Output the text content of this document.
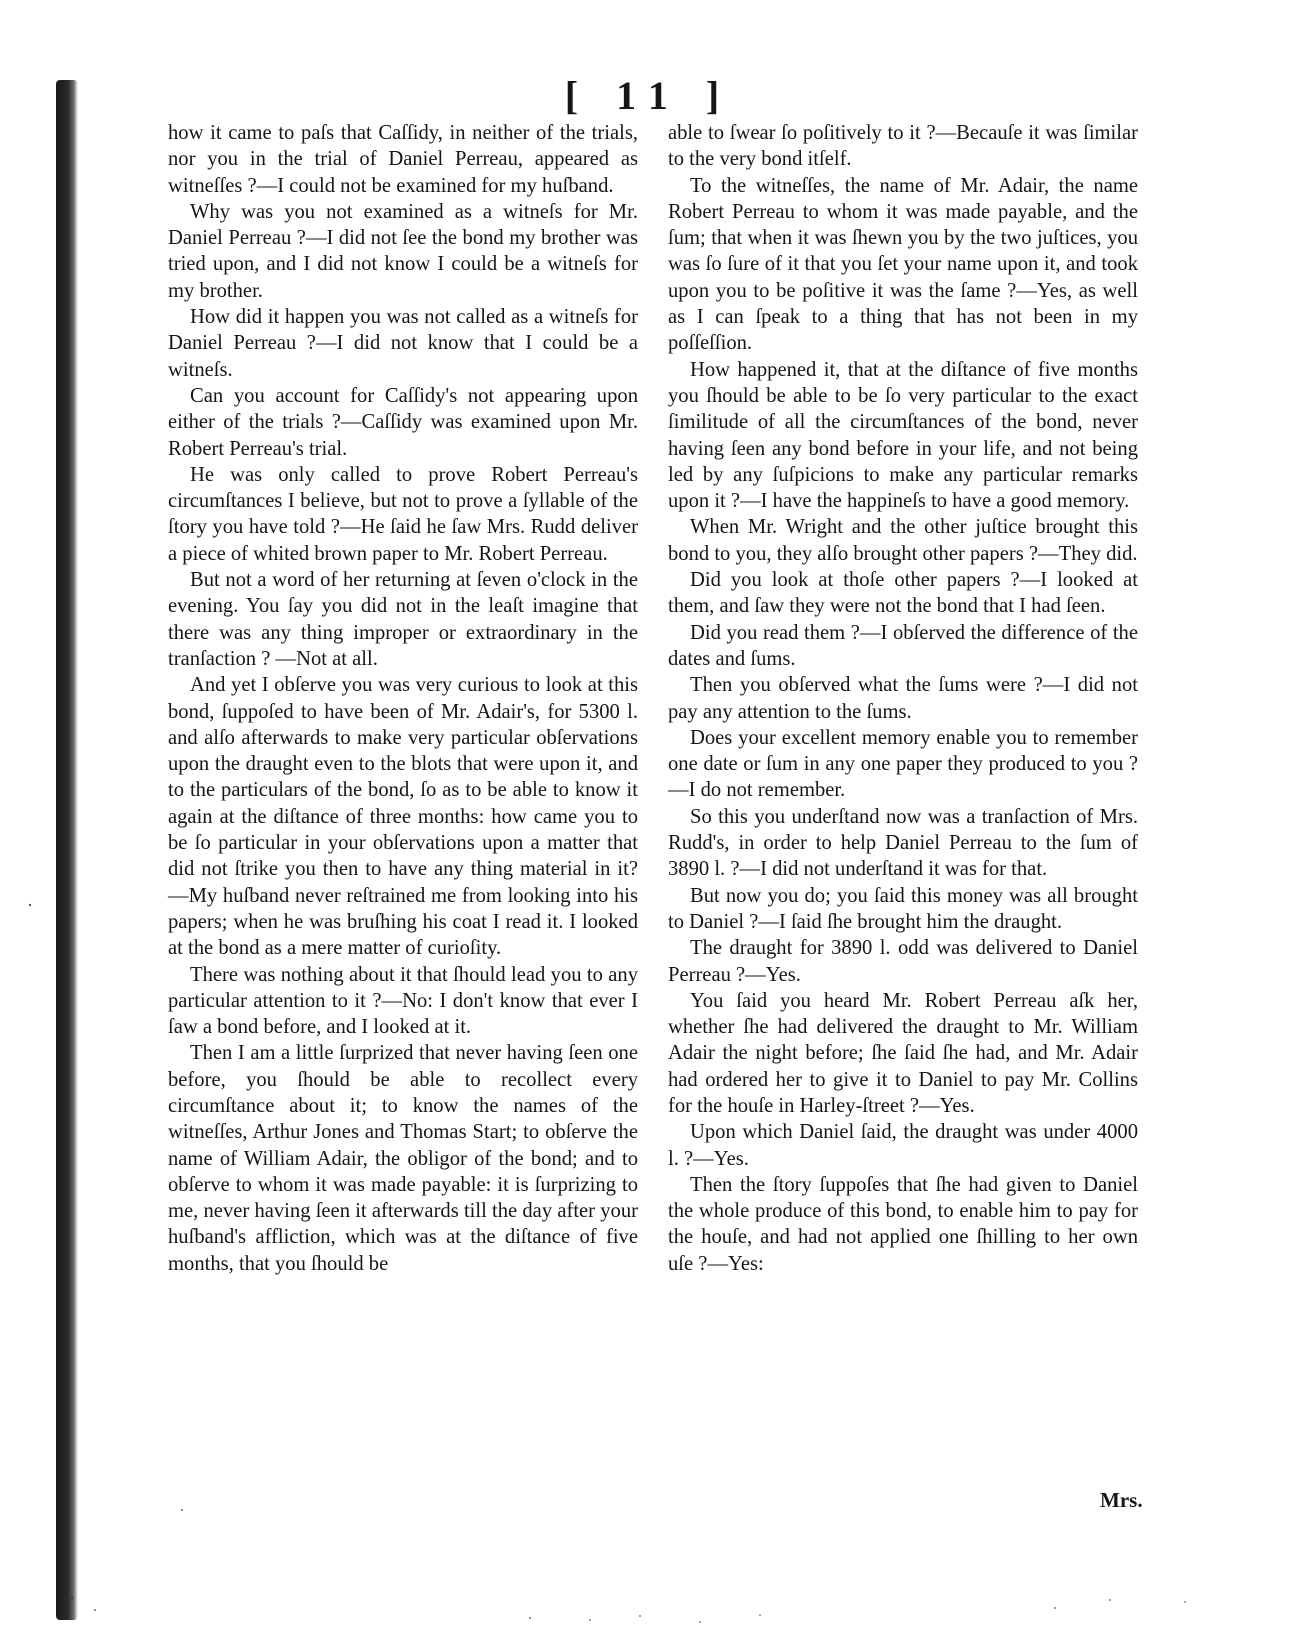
[ 11 ]

how it came to paſs that Caſſidy, in neither of the trials, nor you in the trial of Daniel Perreau, appeared as witneſſes ?—I could not be examined for my huſband.

Why was you not examined as a witneſs for Mr. Daniel Perreau ?—I did not ſee the bond my brother was tried upon, and I did not know I could be a witneſs for my brother.

How did it happen you was not called as a witneſs for Daniel Perreau ?—I did not know that I could be a witneſs.

Can you account for Caſſidy's not appearing upon either of the trials ?—Caſſidy was examined upon Mr. Robert Perreau's trial.

He was only called to prove Robert Perreau's circumſtances I believe, but not to prove a ſyllable of the ſtory you have told ?—He ſaid he ſaw Mrs. Rudd deliver a piece of whited brown paper to Mr. Robert Perreau.

But not a word of her returning at ſeven o'clock in the evening. You ſay you did not in the leaſt imagine that there was any thing improper or extraordinary in the tranſaction ? —Not at all.

And yet I obſerve you was very curious to look at this bond, ſuppoſed to have been of Mr. Adair's, for 5300 l. and alſo afterwards to make very particular obſervations upon the draught even to the blots that were upon it, and to the particulars of the bond, ſo as to be able to know it again at the diſtance of three months: how came you to be ſo particular in your obſervations upon a matter that did not ſtrike you then to have any thing material in it?—My huſband never reſtrained me from looking into his papers; when he was bruſhing his coat I read it. I looked at the bond as a mere matter of curioſity.

There was nothing about it that ſhould lead you to any particular attention to it ?—No: I don't know that ever I ſaw a bond before, and I looked at it.

Then I am a little ſurprized that never having ſeen one before, you ſhould be able to recollect every circumſtance about it; to know the names of the witneſſes, Arthur Jones and Thomas Start; to obſerve the name of William Adair, the obligor of the bond; and to obſerve to whom it was made payable: it is ſurprizing to me, never having ſeen it afterwards till the day after your huſband's affliction, which was at the diſtance of five months, that you ſhould be

able to ſwear ſo poſitively to it ?—Becauſe it was ſimilar to the very bond itſelf.

To the witneſſes, the name of Mr. Adair, the name Robert Perreau to whom it was made payable, and the ſum; that when it was ſhewn you by the two juſtices, you was ſo ſure of it that you ſet your name upon it, and took upon you to be poſitive it was the ſame ?—Yes, as well as I can ſpeak to a thing that has not been in my poſſeſſion.

How happened it, that at the diſtance of five months you ſhould be able to be ſo very particular to the exact ſimilitude of all the circumſtances of the bond, never having ſeen any bond before in your life, and not being led by any ſuſpicions to make any particular remarks upon it ?—I have the happineſs to have a good memory.

When Mr. Wright and the other juſtice brought this bond to you, they alſo brought other papers ?—They did.

Did you look at thoſe other papers ?—I looked at them, and ſaw they were not the bond that I had ſeen.

Did you read them ?—I obſerved the difference of the dates and ſums.

Then you obſerved what the ſums were ?—I did not pay any attention to the ſums.

Does your excellent memory enable you to remember one date or ſum in any one paper they produced to you ?—I do not remember.

So this you underſtand now was a tranſaction of Mrs. Rudd's, in order to help Daniel Perreau to the ſum of 3890 l. ?—I did not underſtand it was for that.

But now you do; you ſaid this money was all brought to Daniel ?—I ſaid ſhe brought him the draught.

The draught for 3890 l. odd was delivered to Daniel Perreau ?—Yes.

You ſaid you heard Mr. Robert Perreau aſk her, whether ſhe had delivered the draught to Mr. William Adair the night before; ſhe ſaid ſhe had, and Mr. Adair had ordered her to give it to Daniel to pay Mr. Collins for the houſe in Harley-ſtreet ?—Yes.

Upon which Daniel ſaid, the draught was under 4000 l. ?—Yes.

Then the ſtory ſuppoſes that ſhe had given to Daniel the whole produce of this bond, to enable him to pay for the houſe, and had not applied one ſhilling to her own uſe ?—Yes:

Mrs.
